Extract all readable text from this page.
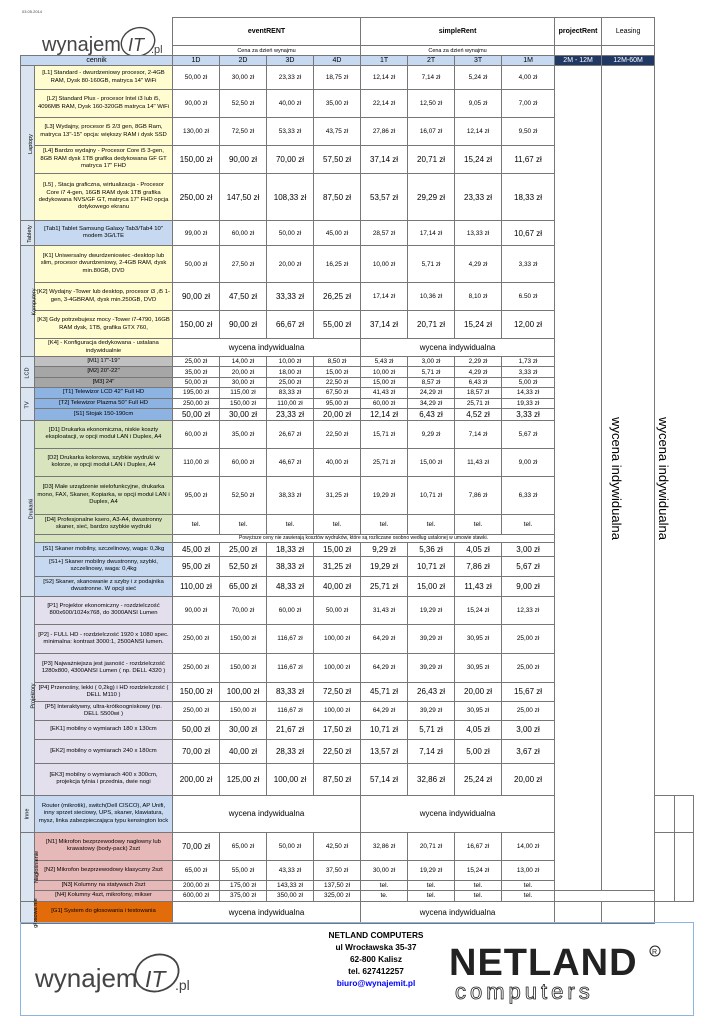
03.05.2014
wynajem IT .pl
		eventRENT				simpleRent				projectRent	Leasing		
		Cena za dzień wynajmu				Cena za dzień wynajmu							
cennik		1D	2D	3D	4D	1T	2T	3T	1M	2M - 12M	12M-60M		
Laptopy	[L1] Standard - dwurdzeniowy procesor, 2-4GB RAM, Dysk 80-160GB, matryca 14" WiFi	50,00 zł	30,00 zł	23,33 zł	18,75 zł	12,14 zł	7,14 zł	5,24 zł	4,00 zł	wycena indywidualna	wycena indywidualna		
	[L2] Standard Plus - procesor Intel i3 lub i5, 4096MB RAM, Dysk 160-320GB matryca 14" WiFi	90,00 zł	52,50 zł	40,00 zł	35,00 zł	22,14 zł	12,50 zł	9,05 zł	7,00 zł				
	[L3] Wydajny, procesor i5 2/3 gen, 8GB Ram, matryca 13"-15" opcja: większy RAM i dysk SSD	130,00 zł	72,50 zł	53,33 zł	43,75 zł	27,86 zł	16,07 zł	12,14 zł	9,50 zł				
	[L4] Bardzo wydajny - Procesor Core i5 3-gen, 8GB RAM dysk 1TB grafika dedykowana GF GT matryca 17" FHD	150,00 zł	90,00 zł	70,00 zł	57,50 zł	37,14 zł	20,71 zł	15,24 zł	11,67 zł				
	[L5] , Stacja graficzna, wirtualizacja - Procesor Core i7 4-gen, 16GB RAM dysk 1TB grafika dedykowana NVS/GF GT, matryca 17" FHD opcja dotykowego ekranu	250,00 zł	147,50 zł	108,33 zł	87,50 zł	53,57 zł	29,29 zł	23,33 zł	18,33 zł				
Tablety	[Tab1] Tablet Samsung Galaxy Tab3/Tab4 10" modem 3G/LTE	99,00 zł	60,00 zł	50,00 zł	45,00 zł	28,57 zł	17,14 zł	13,33 zł	10,67 zł				
Komputery	[K1] Uniwersalny dwurdzeniowiec -desktop lub slim, procesor dwurdzeniowy, 2-4GB RAM, dysk min.80GB, DVD	50,00 zł	27,50 zł	20,00 zł	16,25 zł	10,00 zł	5,71 zł	4,29 zł	3,33 zł				
	[K2] Wydajny -Tower lub desktop, procesor i3 ,i5 1-gen, 3-4GBRAM, dysk min.250GB, DVD	90,00 zł	47,50 zł	33,33 zł	26,25 zł	17,14 zł	10,36 zł	8,10 zł	6.50 zł				
	[K3] Gdy potrzebujesz mocy -Tower i7-4790, 16GB RAM dysk, 1TB, grafika GTX 760,	150,00 zł	90,00 zł	66,67 zł	55,00 zł	37,14 zł	20,71 zł	15,24 zł	12,00 zł				
	[K4] - Konfiguracja dedykowana - ustalana indywidualnie	wycena indywidualna				wycena indywidualna							
LCD	[M1] 17"-19"	25,00 zł	14,00 zł	10,00 zł	8,50 zł	5,43 zł	3,00 zł	2,29 zł	1,73 zł				
	[M2] 20"-22"	35,00 zł	20,00 zł	18,00 zł	15,00 zł	10,00 zł	5,71 zł	4,29 zł	3,33 zł				
	[M3] 24"	50,00 zł	30,00 zł	25,00 zł	22,50 zł	15,00 zł	8,57 zł	6,43 zł	5,00 zł				
TV	[T1] Telewizor LCD 42" Full HD	195,00 zł	115,00 zł	83,33 zł	67,50 zł	41,43 zł	24,29 zł	18,57 zł	14,33 zł				
	[T2] Telewizor Plazma 50" Full HD	250,00 zł	150,00 zł	110,00 zł	95,00 zł	60,00 zł	34,29 zł	25,71 zł	19,33 zł				
	[S1] Stojak 150-190cm	50,00 zł	30,00 zł	23,33 zł	20,00 zł	12,14 zł	6,43 zł	4,52 zł	3,33 zł				
Drukarki	[D1] Drukarka ekonomiczna, niskie koszty eksploatacji, w opcji moduł LAN i Duplex, A4	60,00 zł	35,00 zł	26,67 zł	22,50 zł	15,71 zł	9,29 zł	7,14 zł	5,67 zł				
	[D2] Drukarka kolorowa, szybkie wydruki w kolorze, w opcji moduł LAN i Duplex, A4	110,00 zł	60,00 zł	46,67 zł	40,00 zł	25,71 zł	15,00 zł	11,43 zł	9,00 zł				
	[D3] Małe urządzenie wielofunkcyjne, drukarka mono, FAX, Skaner, Kopiarka, w opcji moduł LAN i Duplex, A4	95,00 zł	52,50 zł	38,33 zł	31,25 zł	19,29 zł	10,71 zł	7,86 zł	6,33 zł				
	[D4] Profesjonalne ksero, A3-A4, dwustronny skaner, sieć, bardzo szybkie wydruki	tel.	tel.	tel.	tel.	tel.	tel.	tel.	tel.				
		Powyższe ceny nie zawierają kosztów wydruków, które są rozliczane osobno według ustalonej w umowie stawki.											
	[S1] Skaner mobilny, szczelinowy, waga: 0,3kg	45,00 zł	25,00 zł	18,33 zł	15,00 zł	9,29 zł	5,36 zł	4,05 zł	3,00 zł				
	[S1+] Skaner mobilny dwustronny, szybki, szczelinowy, waga: 0,4kg	95,00 zł	52,50 zł	38,33 zł	31,25 zł	19,29 zł	10,71 zł	7,86 zł	5,67 zł				
	[S2] Skaner, skanowanie z szyby i z podajnika dwustronne. W opcji sieć	110,00 zł	65,00 zł	48,33 zł	40,00 zł	25,71 zł	15,00 zł	11,43 zł	9,00 zł				
Projektory	[P1] Projektor ekonomiczny - rozdzielczość 800x600/1024x768, do 3000ANSI Lumen	90,00 zł	70,00 zł	60,00 zł	50,00 zł	31,43 zł	19,29 zł	15,24 zł	12,33 zł				
	[P2] - FULL HD - rozdzielczość 1920 x 1080 spec. minimalna: kontrast 3000:1, 2500ANSI lumen.	250,00 zł	150,00 zł	116,67 zł	100,00 zł	64,29 zł	39,29 zł	30,95 zł	25,00 zł				
	[P3] Najważniejsza jest jasność - rozdzielczość 1280x800, 4300ANSI Lumen ( np. DELL 4320 )	250,00 zł	150,00 zł	116,67 zł	100,00 zł	64,29 zł	39,29 zł	30,95 zł	25,00 zł				
	[P4] Przenośny, lekki ( 0,2kg) i HD rozdzielczość ( DELL M110 )	150,00 zł	100,00 zł	83,33 zł	72,50 zł	45,71 zł	26,43 zł	20,00 zł	15,67 zł				
	[P5] Interaktywny, ultra-krótkoogniskowy (np. DELL S500wi )	250,00 zł	150,00 zł	116,67 zł	100,00 zł	64,29 zł	39,29 zł	30,95 zł	25,00 zł				
	[EK1] mobilny o wymiarach 180 x 130cm	50,00 zł	30,00 zł	21,67 zł	17,50 zł	10,71 zł	5,71 zł	4,05 zł	3,00 zł				
	[EK2] mobilny o wymiarach 240 x 180cm	70,00 zł	40,00 zł	28,33 zł	22,50 zł	13,57 zł	7,14 zł	5,00 zł	3,67 zł				
	[EK3] mobilny o wymiarach 400 x 300cm, projekcja tylnia i przednia, dwie nogi	200,00 zł	125,00 zł	100,00 zł	87,50 zł	57,14 zł	32,86 zł	25,24 zł	20,00 zł				
Inne	Router (mikrotik), switch(Dell CISCO), AP Unifi, inny sprzet sieciowy, UPS, skaner, klawiatura, mysz, linka zabezpieczająca typu kensington lock	wycena indywidualna				wycena indywidualna							
Nagłośnienie	[N1] Mikrofon bezprzewodowy nagłowny lub krawatowy (body-pack) 2szt	70,00 zł	65,00 zł	50,00 zł	42,50 zł	32,86 zł	20,71 zł	16,67 zł	14,00 zł				
	[N2] Mikrofon bezprzewodowy klasyczny 2szt	65,00 zł	55,00 zł	43,33 zł	37,50 zł	30,00 zł	19,29 zł	15,24 zł	13,00 zł				
	[N3] Kolumny na statywach 2szt	200,00 zł	175,00 zł	143,33 zł	137,50 zł	tel.	tel.	tel.	tel.				
	[N4] Kolumny 4szt, mikrofony, mikser	600,00 zł	375,00 zł	350,00 zł	325,00 zł	te.	tel.	tel.	tel.				
głosowa nie	[G1] System do głosowania i testowania	wycena indywidualna				wycena indywidualna							
wynajem IT .pl
NETLAND COMPUTERS
ul Wrocławska 35-37
62-800 Kalisz
tel. 627412257
biuro@wynajemit.pl NETLAND R
computers
